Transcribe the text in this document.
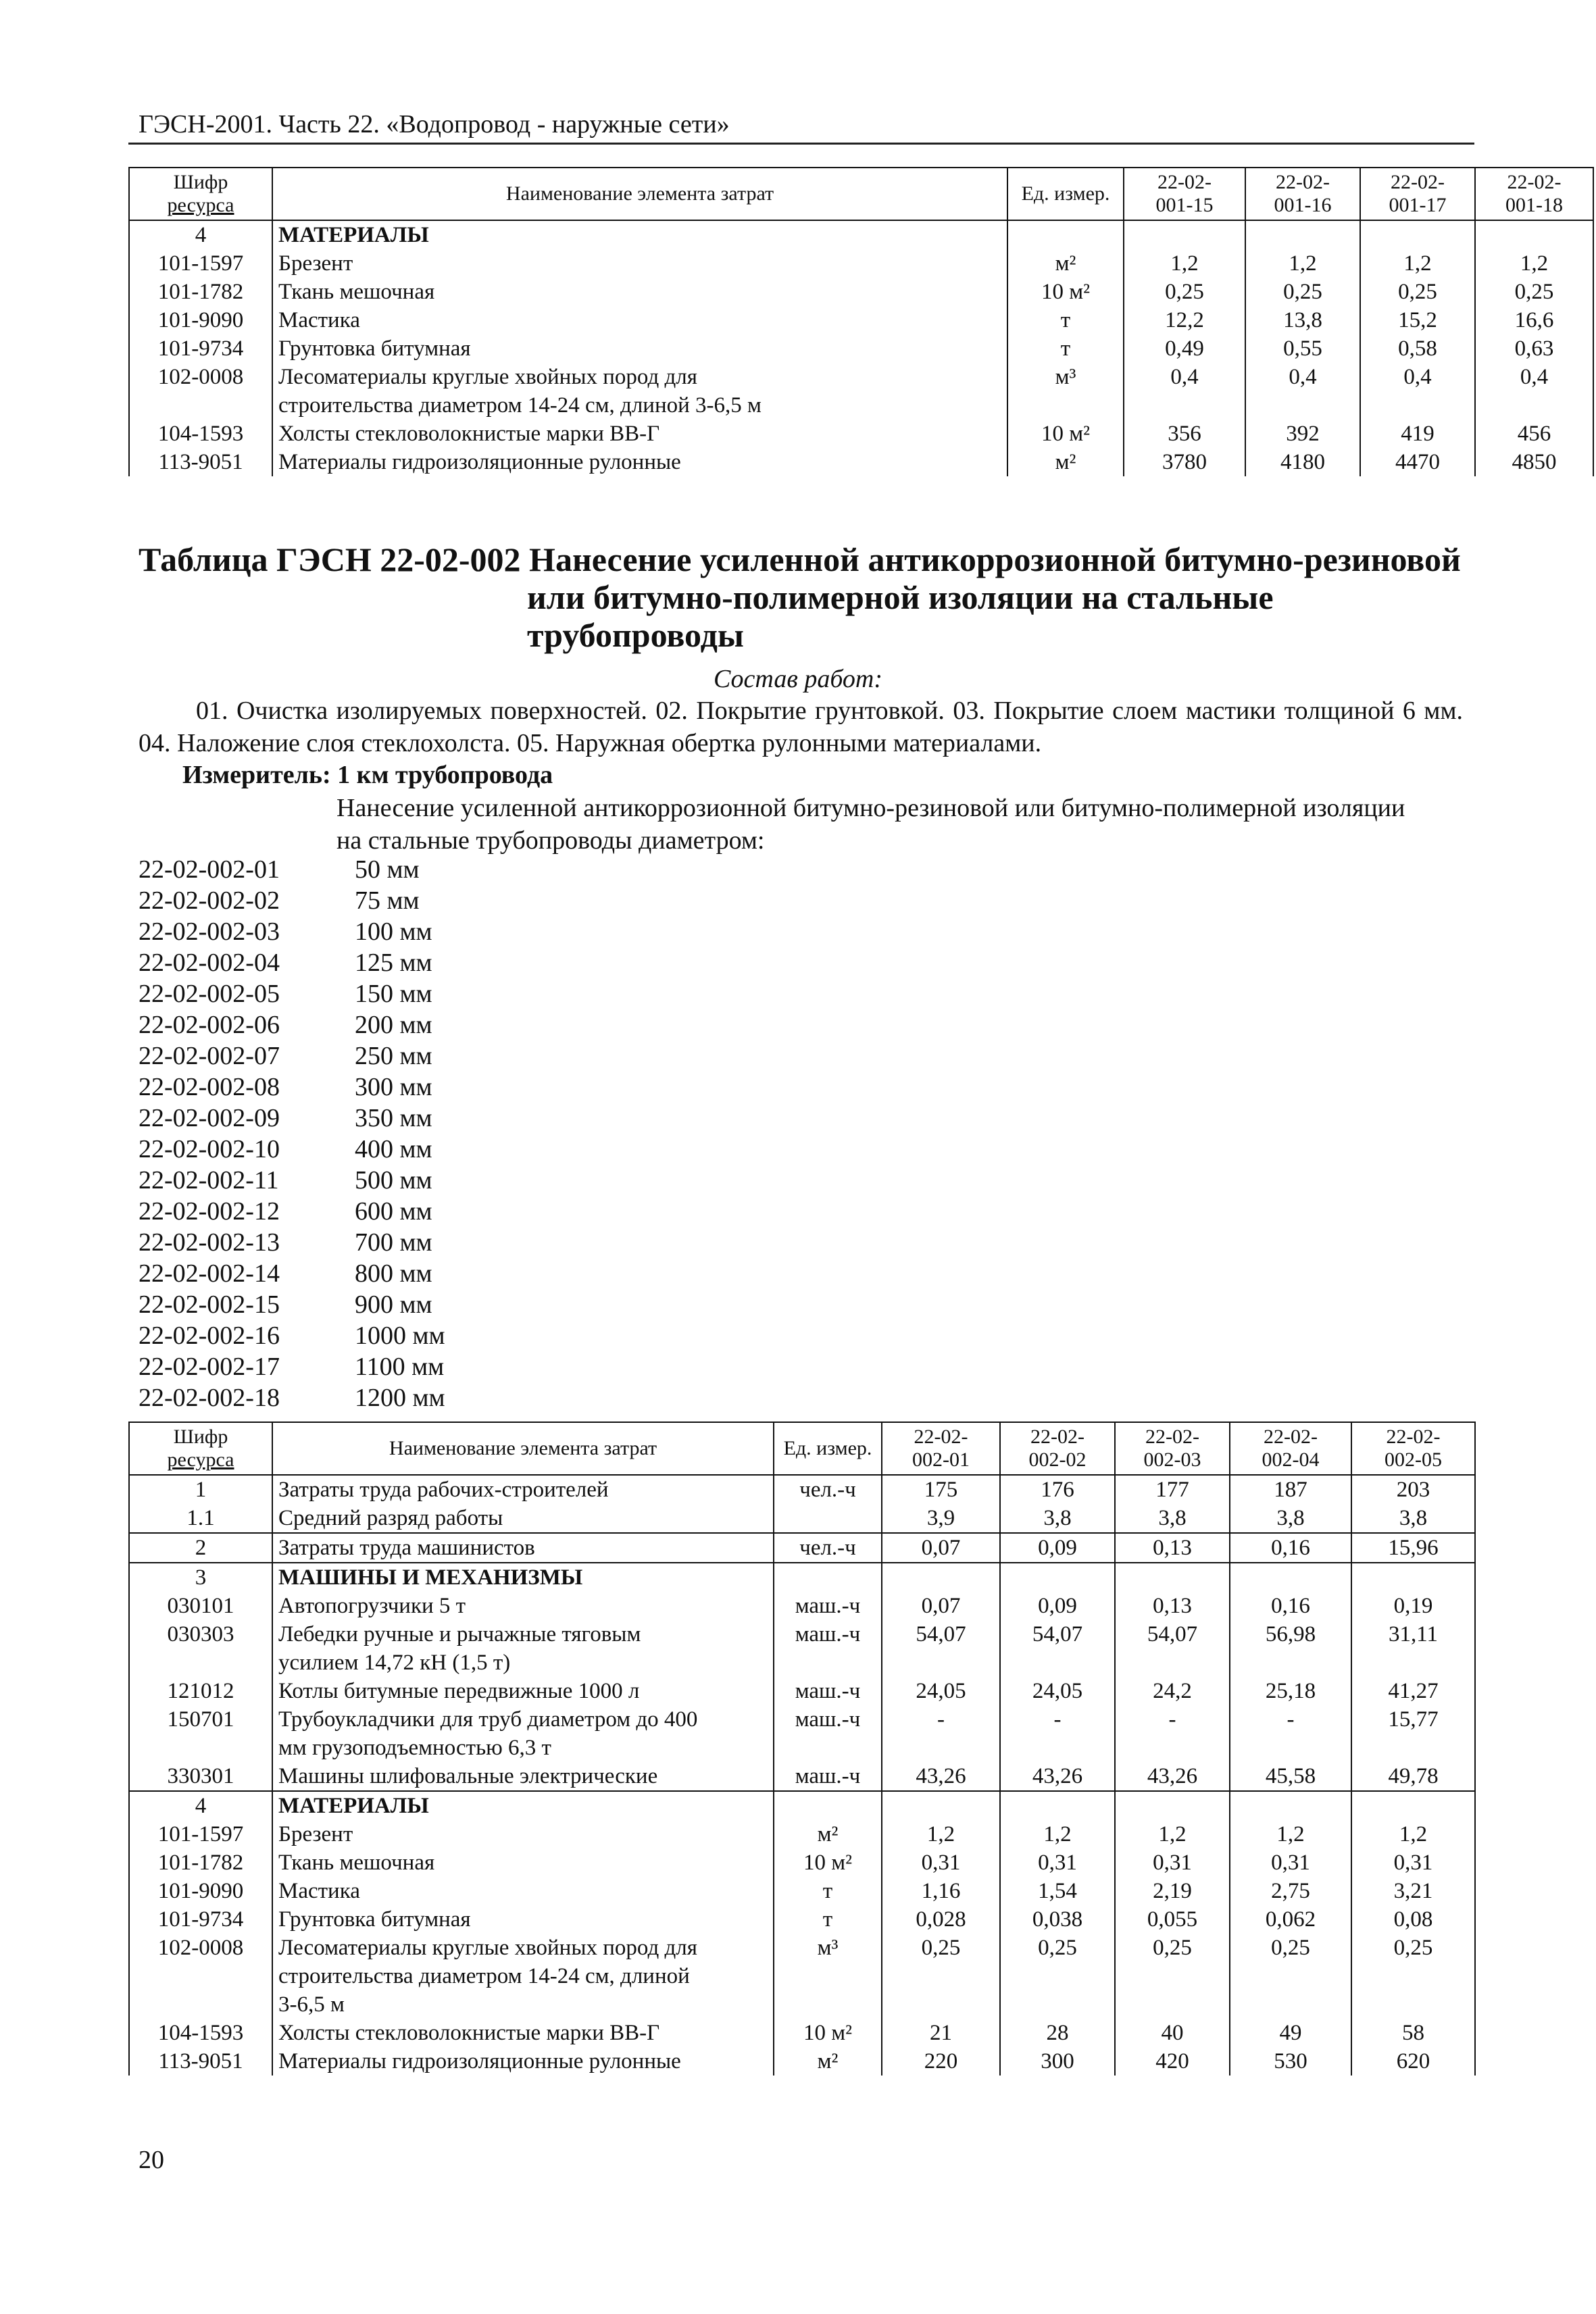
ГЭСН-2001. Часть 22. «Водопровод - наружные сети»
Шифр
ресурса	Наименование элемента затрат	Ед. измер.	22-02-
001-15	22-02-
001-16	22-02-
001-17	22-02-
001-18
4	МАТЕРИАЛЫ					
101-1597	Брезент	м²	1,2	1,2	1,2	1,2
101-1782	Ткань мешочная	10 м²	0,25	0,25	0,25	0,25
101-9090	Мастика	т	12,2	13,8	15,2	16,6
101-9734	Грунтовка битумная	т	0,49	0,55	0,58	0,63
102-0008	Лесоматериалы круглые хвойных пород для
строительства диаметром 14-24 см, длиной 3-6,5 м	м³	0,4	0,4	0,4	0,4
104-1593	Холсты стекловолокнистые марки ВВ-Г	10 м²	356	392	419	456
113-9051	Материалы гидроизоляционные рулонные	м²	3780	4180	4470	4850
Таблица ГЭСН 22-02-002 Нанесение усиленной антикоррозионной битумно-резиновой
или битумно-полимерной изоляции на стальные
трубопроводы
Состав работ:
01. Очистка изолируемых поверхностей. 02. Покрытие грунтовкой. 03. Покрытие слоем мастики толщиной 6 мм. 04. Наложение слоя стеклохолста. 05. Наружная обертка рулонными материалами.
Измеритель: 1 км трубопровода
Нанесение усиленной антикоррозионной битумно-резиновой или битумно-полимерной изоляции на стальные трубопроводы диаметром:
22-02-002-01	50 мм
22-02-002-02	75 мм
22-02-002-03	100 мм
22-02-002-04	125 мм
22-02-002-05	150 мм
22-02-002-06	200 мм
22-02-002-07	250 мм
22-02-002-08	300 мм
22-02-002-09	350 мм
22-02-002-10	400 мм
22-02-002-11	500 мм
22-02-002-12	600 мм
22-02-002-13	700 мм
22-02-002-14	800 мм
22-02-002-15	900 мм
22-02-002-16	1000 мм
22-02-002-17	1100 мм
22-02-002-18	1200 мм
Шифр
ресурса	Наименование элемента затрат	Ед. измер.	22-02-
002-01	22-02-
002-02	22-02-
002-03	22-02-
002-04	22-02-
002-05
1	Затраты труда рабочих-строителей	чел.-ч	175	176	177	187	203
1.1	Средний разряд работы		3,9	3,8	3,8	3,8	3,8
2	Затраты труда машинистов	чел.-ч	0,07	0,09	0,13	0,16	15,96
3	МАШИНЫ И МЕХАНИЗМЫ						
030101	Автопогрузчики 5 т	маш.-ч	0,07	0,09	0,13	0,16	0,19
030303	Лебедки ручные и рычажные тяговым
усилием 14,72 кН (1,5 т)	маш.-ч	54,07	54,07	54,07	56,98	31,11
121012	Котлы битумные передвижные 1000 л	маш.-ч	24,05	24,05	24,2	25,18	41,27
150701	Трубоукладчики для труб диаметром до 400
мм грузоподъемностью 6,3 т	маш.-ч	-	-	-	-	15,77
330301	Машины шлифовальные электрические	маш.-ч	43,26	43,26	43,26	45,58	49,78
4	МАТЕРИАЛЫ						
101-1597	Брезент	м²	1,2	1,2	1,2	1,2	1,2
101-1782	Ткань мешочная	10 м²	0,31	0,31	0,31	0,31	0,31
101-9090	Мастика	т	1,16	1,54	2,19	2,75	3,21
101-9734	Грунтовка битумная	т	0,028	0,038	0,055	0,062	0,08
102-0008	Лесоматериалы круглые хвойных пород для
строительства диаметром 14-24 см, длиной
3-6,5 м	м³	0,25	0,25	0,25	0,25	0,25
104-1593	Холсты стекловолокнистые марки ВВ-Г	10 м²	21	28	40	49	58
113-9051	Материалы гидроизоляционные рулонные	м²	220	300	420	530	620
20
